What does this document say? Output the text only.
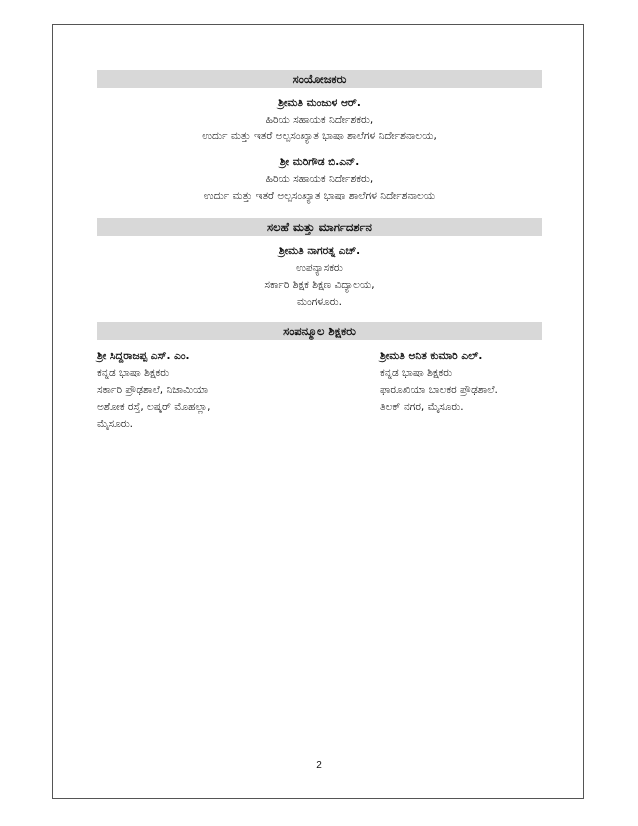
ಸಂಯೋಜಕರು
ಶ್ರೀಮತಿ ಮಂಜುಳ ಆರ್.
ಹಿರಿಯ ಸಹಾಯಕ ನಿರ್ದೇಶಕರು,
ಉರ್ದು ಮತ್ತು ಇತರೆ ಅಲ್ಪಸಂಖ್ಯಾತ ಭಾಷಾ ಶಾಲೆಗಳ ನಿರ್ದೇಶನಾಲಯ,
ಶ್ರೀ ಮರಿಗೌಡ ಬಿ.ಎನ್.
ಹಿರಿಯ ಸಹಾಯಕ ನಿರ್ದೇಶಕರು,
ಉರ್ದು ಮತ್ತು ಇತರೆ ಅಲ್ಪಸಂಖ್ಯಾತ ಭಾಷಾ ಶಾಲೆಗಳ ನಿರ್ದೇಶನಾಲಯ
ಸಲಹೆ ಮತ್ತು ಮಾರ್ಗದರ್ಶನ
ಶ್ರೀಮತಿ ನಾಗರತ್ನ ಎಚ್.
ಉಪನ್ಯಾಸಕರು
ಸರ್ಕಾರಿ ಶಿಕ್ಷಕ ಶಿಕ್ಷಣ ವಿದ್ಯಾಲಯ,
ಮಂಗಳೂರು.
ಸಂಪನ್ಮೂಲ ಶಿಕ್ಷಕರು
ಶ್ರೀ ಸಿದ್ದರಾಜಪ್ಪ ಎಸ್. ಎಂ.
ಕನ್ನಡ ಭಾಷಾ ಶಿಕ್ಷಕರು
ಸರ್ಕಾರಿ ಪ್ರೌಢಶಾಲೆ, ನಿಜಾಮಿಯಾ
ಅಶೋಕ ರಸ್ತೆ, ಲಷ್ಕರ್ ಮೊಹಲ್ಲಾ,
ಮೈಸೂರು.
ಶ್ರೀಮತಿ ಅನಿತ ಕುಮಾರಿ ಎಲ್.
ಕನ್ನಡ ಭಾಷಾ ಶಿಕ್ಷಕರು
ಫಾರೂಖಿಯಾ ಬಾಲಕರ ಪ್ರೌಢಶಾಲೆ.
ತಿಲಕ್ ನಗರ, ಮೈಸೂರು.
2
